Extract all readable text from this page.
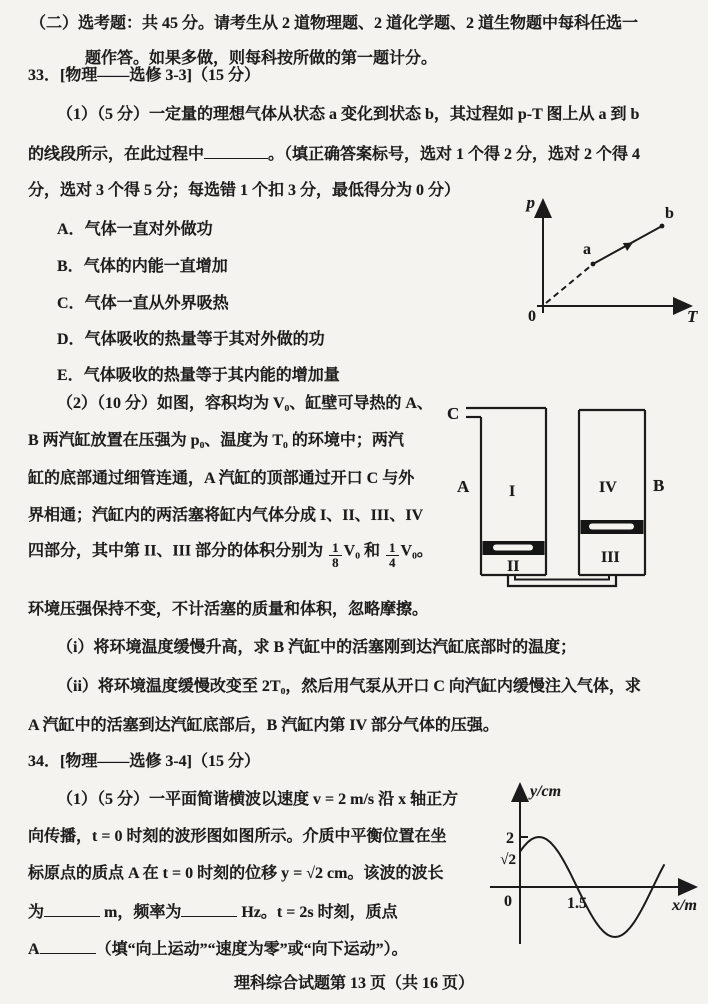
（二）选考题：共 45 分。请考生从 2 道物理题、2 道化学题、2 道生物题中每科任选一
题作答。如果多做，则每科按所做的第一题计分。
33．[物理——选修 3-3]（15 分）
（1）（5 分）一定量的理想气体从状态 a 变化到状态 b，其过程如 p-T 图上从 a 到 b
的线段所示，在此过程中	。（填正确答案标号，选对 1 个得 2 分，选对 2 个得 4
分，选对 3 个得 5 分；每选错 1 个扣 3 分，最低得分为 0 分）
A．气体一直对外做功
B．气体的内能一直增加
C．气体一直从外界吸热
D．气体吸收的热量等于其对外做的功
E．气体吸收的热量等于其内能的增加量
p
T
0
a
b
（2）（10 分）如图，容积均为 V₀、缸壁可导热的 A、
B 两汽缸放置在压强为 p₀、温度为 T₀ 的环境中；两汽
缸的底部通过细管连通，A 汽缸的顶部通过开口 C 与外
界相通；汽缸内的两活塞将缸内气体分成 I、II、III、IV
四部分，其中第 II、III 部分的体积分别为 $\frac{1}{8} V_0$ 和 $\frac{1}{4} V_0$。
环境压强保持不变，不计活塞的质量和体积，忽略摩擦。
C
A	B
I
II
III
IV
（i）将环境温度缓慢升高，求 B 汽缸中的活塞刚到达汽缸底部时的温度；
（ii）将环境温度缓慢改变至 2T₀，然后用气泵从开口 C 向汽缸内缓慢注入气体，求
A 汽缸中的活塞到达汽缸底部后，B 汽缸内第 IV 部分气体的压强。
34．[物理——选修 3-4]（15 分）
（1）（5 分）一平面简谐横波以速度 v = 2 m/s 沿 x 轴正方
向传播，t = 0 时刻的波形图如图所示。介质中平衡位置在坐
标原点的质点 A 在 t = 0 时刻的位移 y = √2 cm。该波的波长
为	m，频率为	Hz。t = 2s 时刻，质点
A	（填“向上运动”“速度为零”或“向下运动”）。
y/cm
x/m
2
√2
0	1.5
理科综合试题第 13 页（共 16 页）
